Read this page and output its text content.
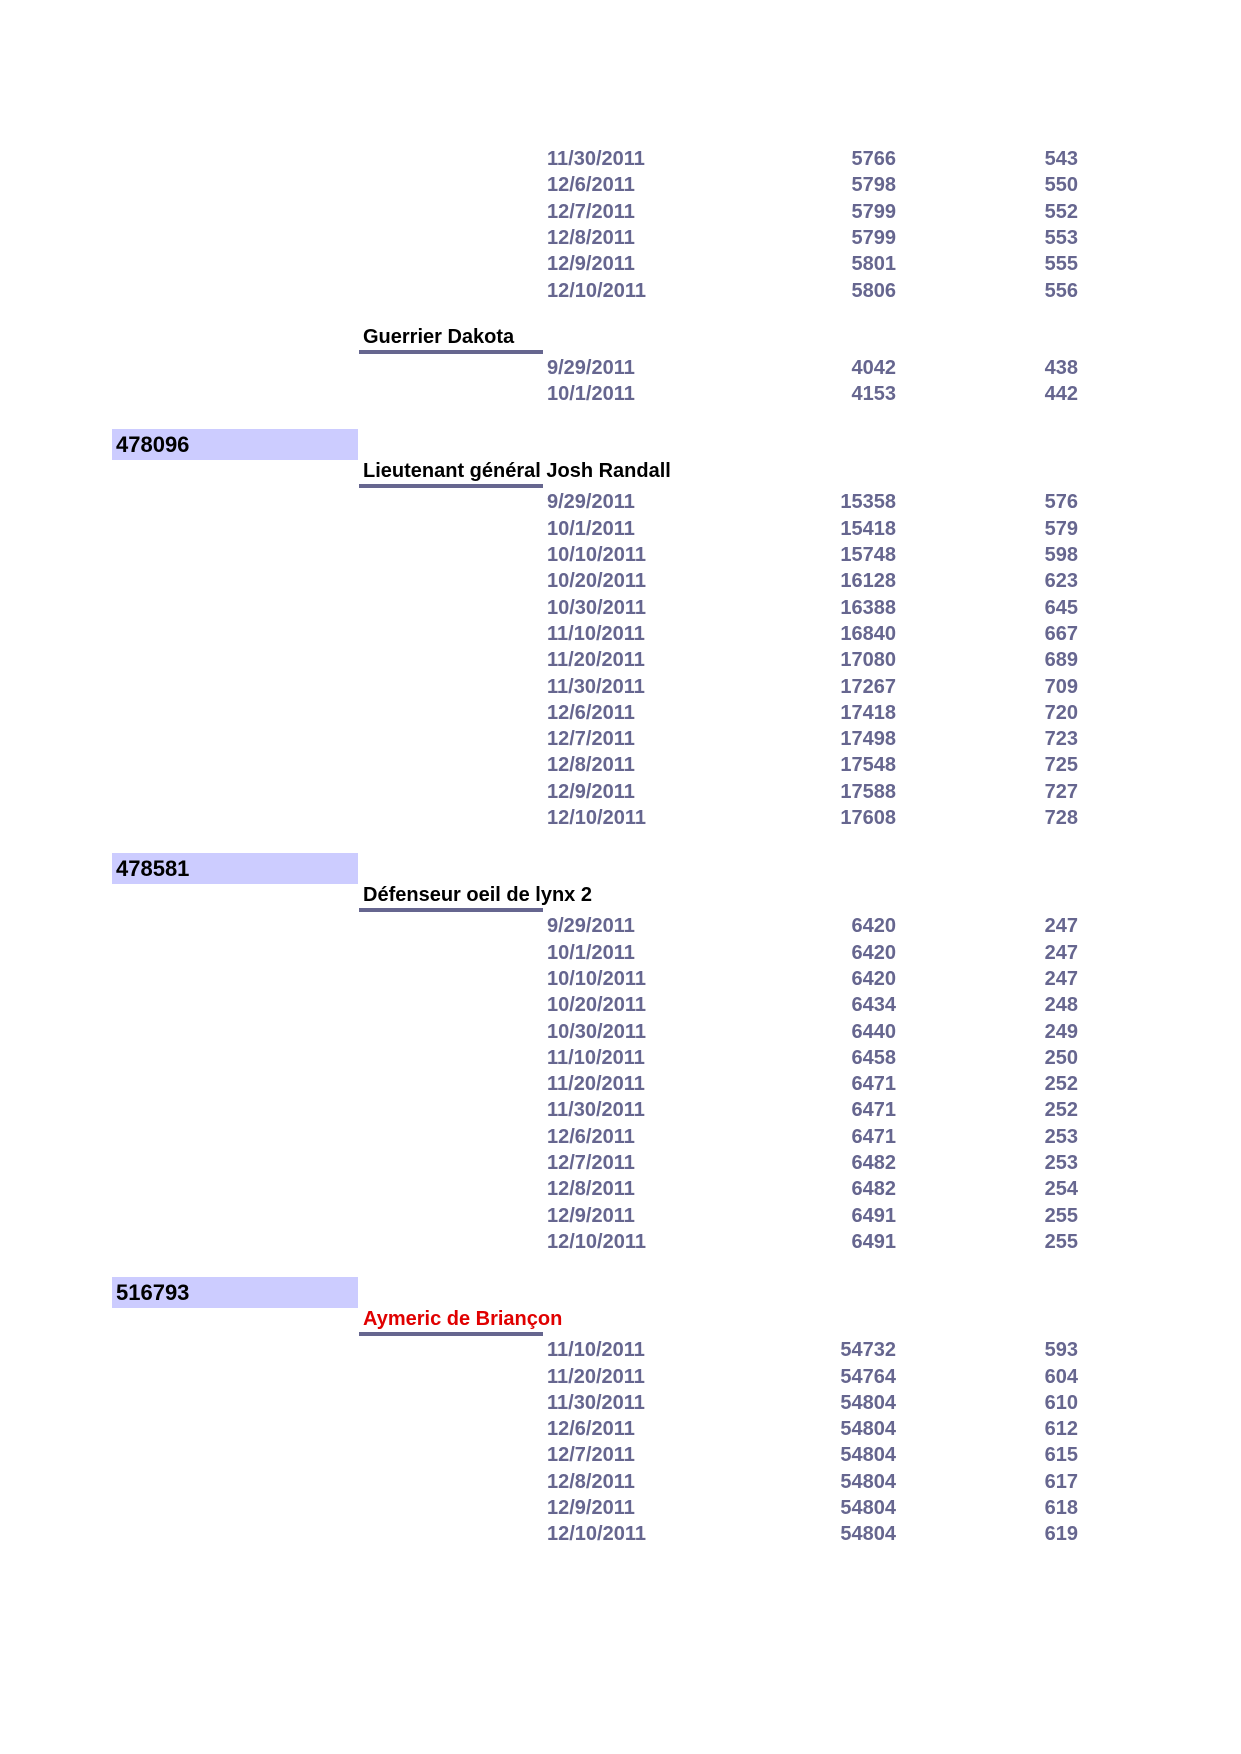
11/30/2011	5766	543
12/6/2011	5798	550
12/7/2011	5799	552
12/8/2011	5799	553
12/9/2011	5801	555
12/10/2011	5806	556
Guerrier Dakota
9/29/2011	4042	438
10/1/2011	4153	442
478096
Lieutenant général Josh Randall
9/29/2011	15358	576
10/1/2011	15418	579
10/10/2011	15748	598
10/20/2011	16128	623
10/30/2011	16388	645
11/10/2011	16840	667
11/20/2011	17080	689
11/30/2011	17267	709
12/6/2011	17418	720
12/7/2011	17498	723
12/8/2011	17548	725
12/9/2011	17588	727
12/10/2011	17608	728
478581
Défenseur oeil de lynx 2
9/29/2011	6420	247
10/1/2011	6420	247
10/10/2011	6420	247
10/20/2011	6434	248
10/30/2011	6440	249
11/10/2011	6458	250
11/20/2011	6471	252
11/30/2011	6471	252
12/6/2011	6471	253
12/7/2011	6482	253
12/8/2011	6482	254
12/9/2011	6491	255
12/10/2011	6491	255
516793
Aymeric de Briançon
11/10/2011	54732	593
11/20/2011	54764	604
11/30/2011	54804	610
12/6/2011	54804	612
12/7/2011	54804	615
12/8/2011	54804	617
12/9/2011	54804	618
12/10/2011	54804	619
